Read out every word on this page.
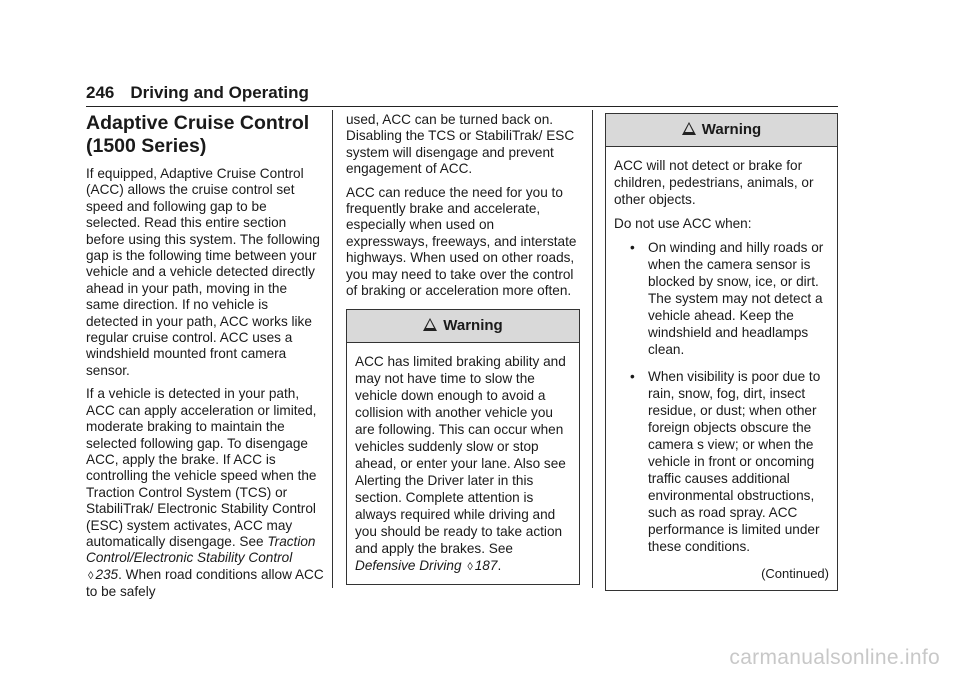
246 Driving and Operating
Adaptive Cruise Control
(1500 Series)

If equipped, Adaptive Cruise Control (ACC) allows the cruise control set speed and following gap to be selected. Read this entire section before using this system. The following gap is the following time between your vehicle and a vehicle detected directly ahead in your path, moving in the same direction. If no vehicle is detected in your path, ACC works like regular cruise control. ACC uses a windshield mounted front camera sensor.

If a vehicle is detected in your path, ACC can apply acceleration or limited, moderate braking to maintain the selected following gap. To disengage ACC, apply the brake. If ACC is controlling the vehicle speed when the Traction Control System (TCS) or StabiliTrak/ Electronic Stability Control (ESC) system activates, ACC may automatically disengage. See Traction Control/Electronic Stability Control ◊ 235. When road conditions allow ACC to be safely

used, ACC can be turned back on. Disabling the TCS or StabiliTrak/ ESC system will disengage and prevent engagement of ACC.

ACC can reduce the need for you to frequently brake and accelerate, especially when used on expressways, freeways, and interstate highways. When used on other roads, you may need to take over the control of braking or acceleration more often.

Warning
ACC has limited braking ability and may not have time to slow the vehicle down enough to avoid a collision with another vehicle you are following. This can occur when vehicles suddenly slow or stop ahead, or enter your lane. Also see Alerting the Driver later in this section. Complete attention is always required while driving and you should be ready to take action and apply the brakes. See Defensive Driving ◊ 187.
Warning

ACC will not detect or brake for children, pedestrians, animals, or other objects.

Do not use ACC when:

• On winding and hilly roads or when the camera sensor is blocked by snow, ice, or dirt. The system may not detect a vehicle ahead. Keep the windshield and headlamps clean.
• When visibility is poor due to rain, snow, fog, dirt, insect residue, or dust; when other foreign objects obscure the camera s view; or when the vehicle in front or oncoming traffic causes additional environmental obstructions, such as road spray. ACC performance is limited under these conditions.
(Continued)
carmanualsonline.info
